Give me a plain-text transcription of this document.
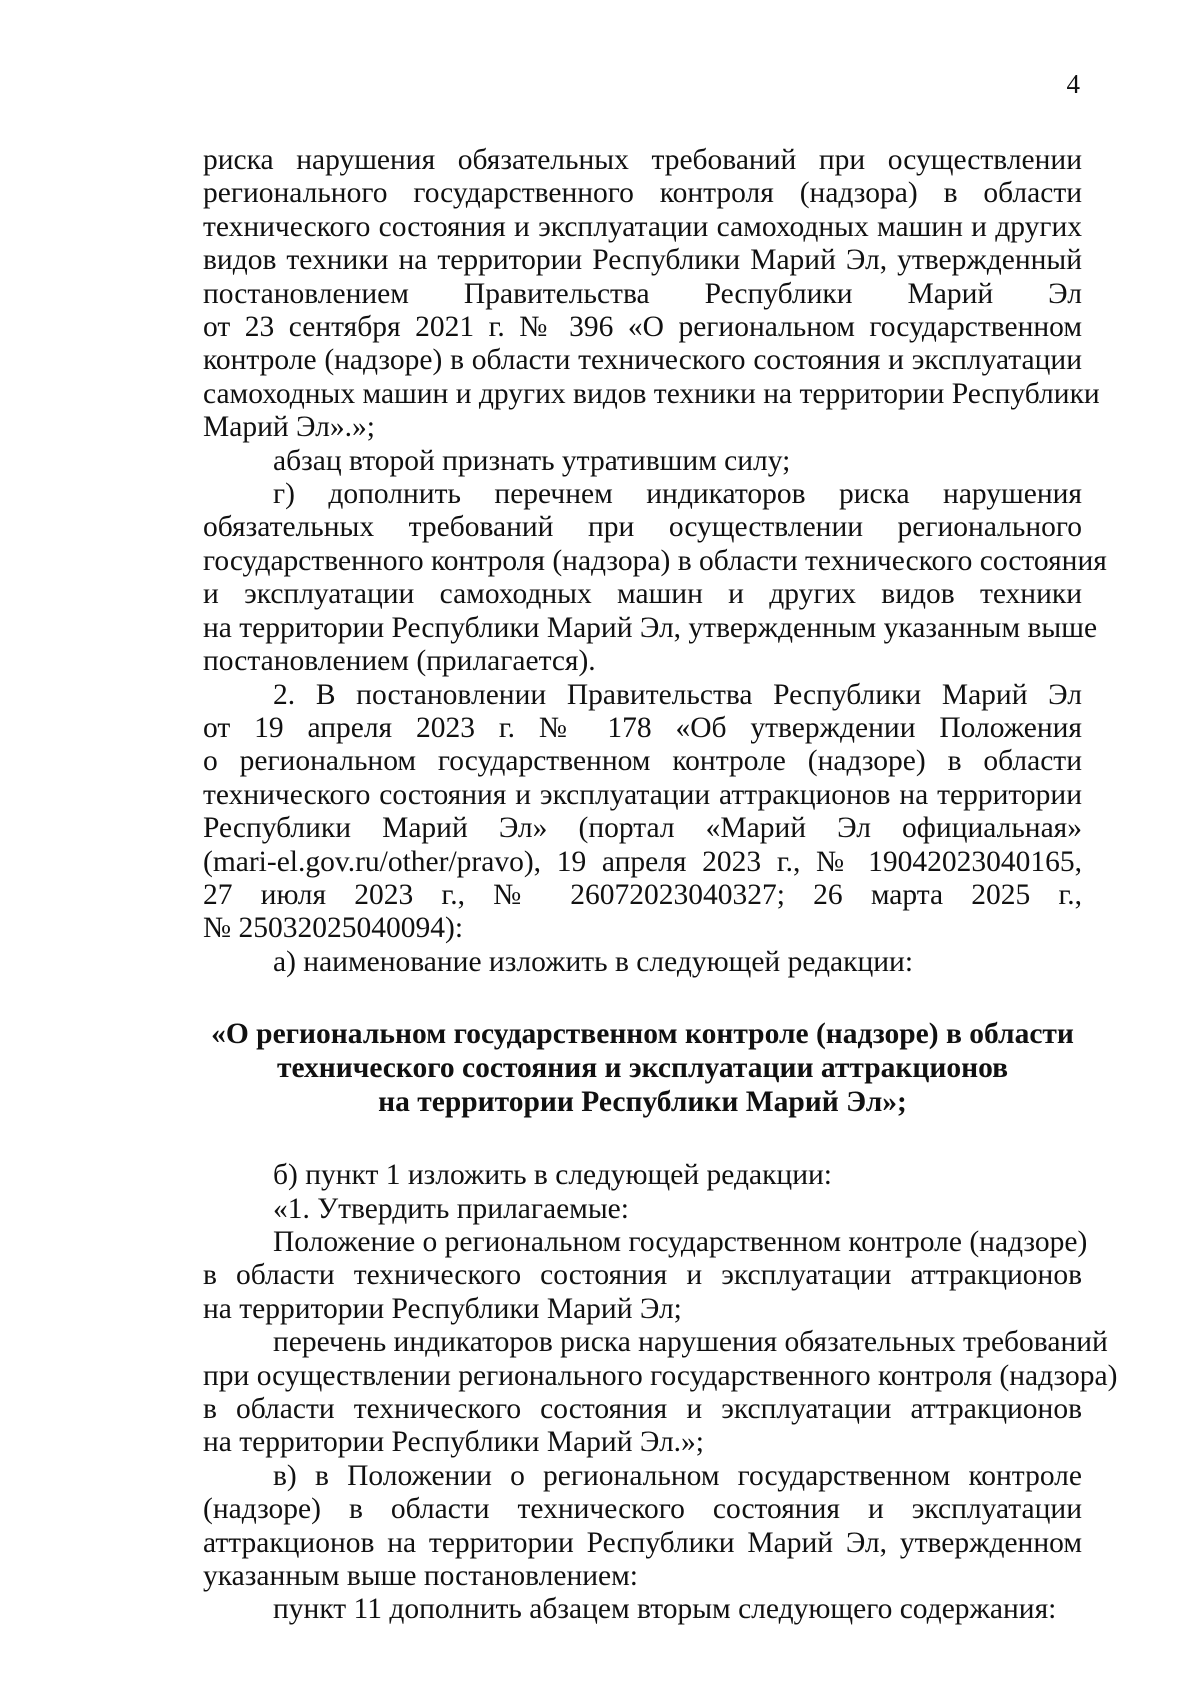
4

риска нарушения обязательных требований при осуществлении
регионального государственного контроля (надзора) в области
технического состояния и эксплуатации самоходных машин и других
видов техники на территории Республики Марий Эл, утвержденный
постановлением Правительства Республики Марий Эл
от 23 сентября 2021 г. № 396 «О региональном государственном
контроле (надзоре) в области технического состояния и эксплуатации
самоходных машин и других видов техники на территории Республики
Марий Эл».»;

абзац второй признать утратившим силу;

г) дополнить перечнем индикаторов риска нарушения
обязательных требований при осуществлении регионального
государственного контроля (надзора) в области технического состояния
и эксплуатации самоходных машин и других видов техники
на территории Республики Марий Эл, утвержденным указанным выше
постановлением (прилагается).

2. В постановлении Правительства Республики Марий Эл
от 19 апреля 2023 г. № 178 «Об утверждении Положения
о региональном государственном контроле (надзоре) в области
технического состояния и эксплуатации аттракционов на территории
Республики Марий Эл» (портал «Марий Эл официальная»
(mari-el.gov.ru/other/pravo), 19 апреля 2023 г., № 19042023040165,
27 июля 2023 г., № 26072023040327; 26 марта 2025 г.,
№ 25032025040094):

а) наименование изложить в следующей редакции:

«О региональном государственном контроле (надзоре) в области
технического состояния и эксплуатации аттракционов
на территории Республики Марий Эл»;

б) пункт 1 изложить в следующей редакции:

«1. Утвердить прилагаемые:

Положение о региональном государственном контроле (надзоре)
в области технического состояния и эксплуатации аттракционов
на территории Республики Марий Эл;

перечень индикаторов риска нарушения обязательных требований
при осуществлении регионального государственного контроля (надзора)
в области технического состояния и эксплуатации аттракционов
на территории Республики Марий Эл.»;

в) в Положении о региональном государственном контроле
(надзоре) в области технического состояния и эксплуатации
аттракционов на территории Республики Марий Эл, утвержденном
указанным выше постановлением:

пункт 11 дополнить абзацем вторым следующего содержания:
